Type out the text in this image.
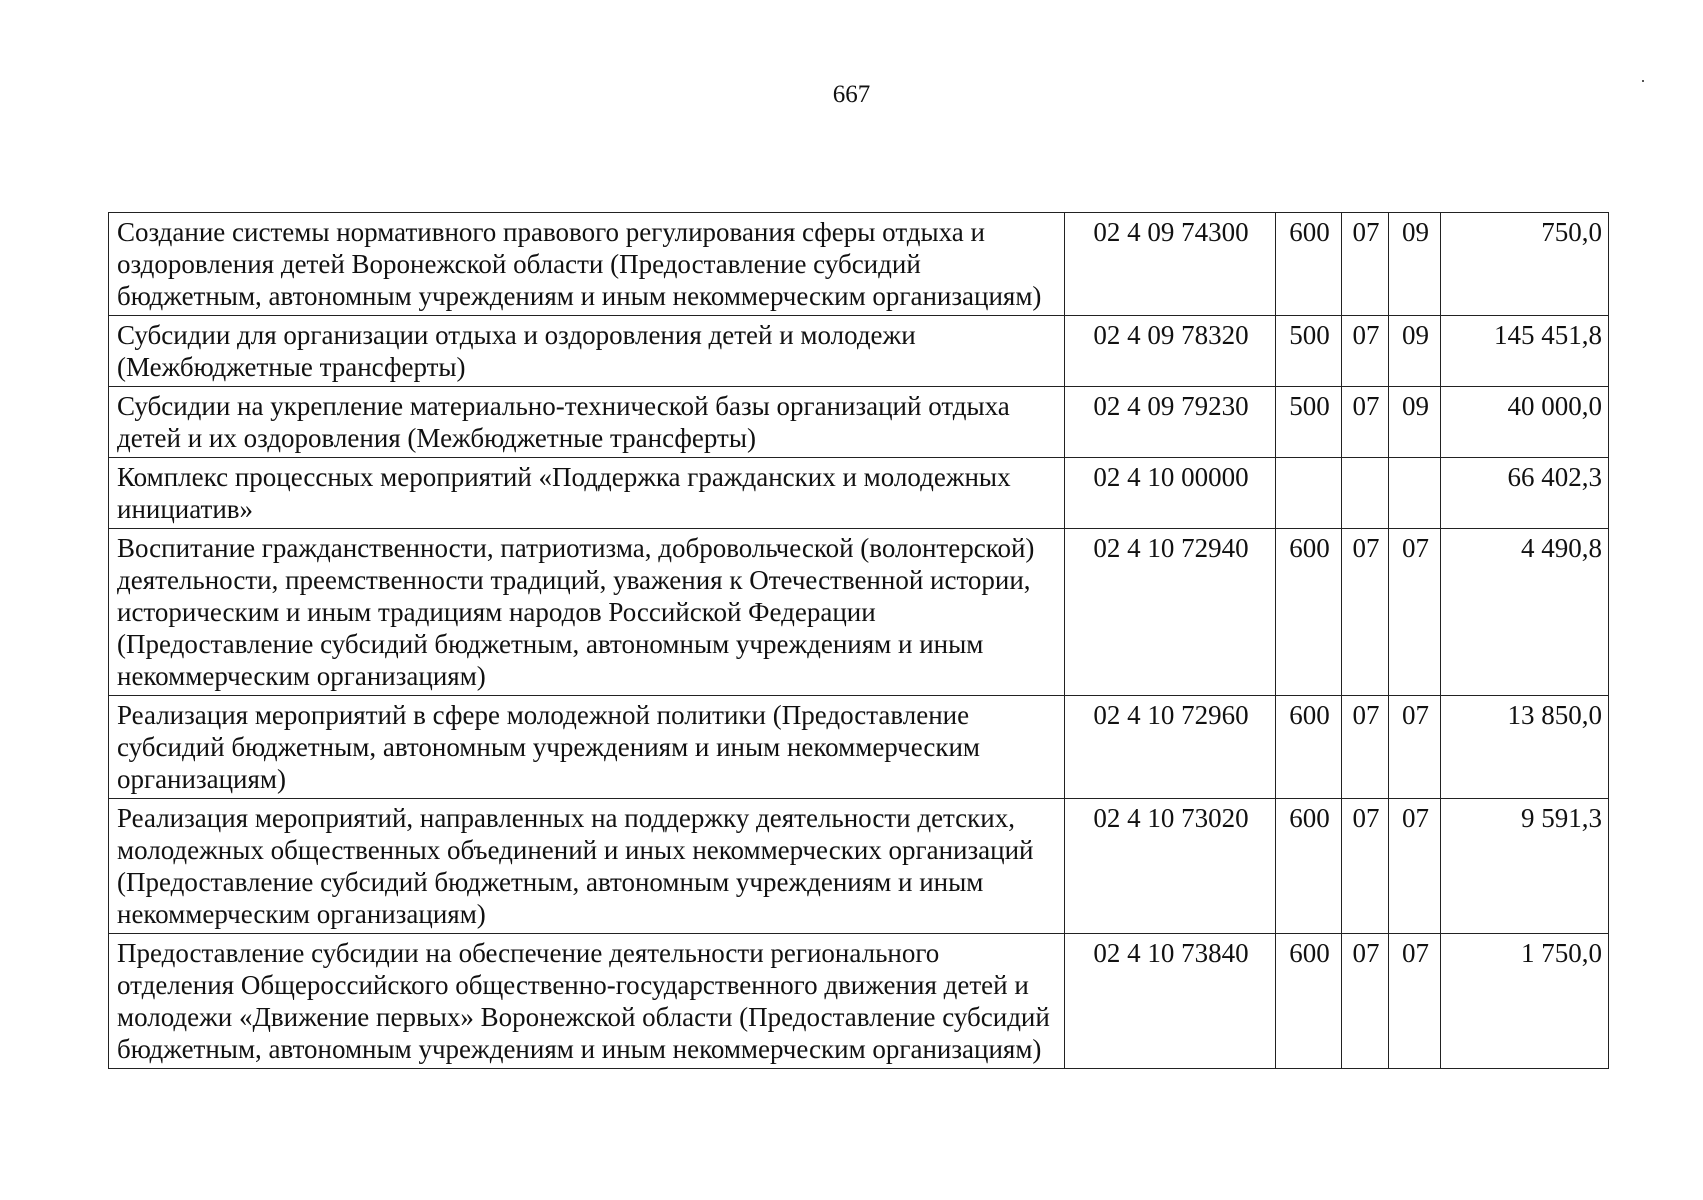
667
Создание системы нормативного правового регулирования сферы отдыха и оздоровления детей Воронежской области (Предоставление субсидий бюджетным, автономным учреждениям и иным некоммерческим организациям)	02 4 09 74300	600	07	09	750,0
Субсидии для организации отдыха и оздоровления детей и молодежи (Межбюджетные трансферты)	02 4 09 78320	500	07	09	145 451,8
Субсидии на укрепление материально-технической базы организаций отдыха детей и их оздоровления (Межбюджетные трансферты)	02 4 09 79230	500	07	09	40 000,0
Комплекс процессных мероприятий «Поддержка гражданских и молодежных инициатив»	02 4 10 00000				66 402,3
Воспитание гражданственности, патриотизма, добровольческой (волонтерской) деятельности, преемственности традиций, уважения к Отечественной истории, историческим и иным традициям народов Российской Федерации (Предоставление субсидий бюджетным, автономным учреждениям и иным некоммерческим организациям)	02 4 10 72940	600	07	07	4 490,8
Реализация мероприятий в сфере молодежной политики (Предоставление субсидий бюджетным, автономным учреждениям и иным некоммерческим организациям)	02 4 10 72960	600	07	07	13 850,0
Реализация мероприятий, направленных на поддержку деятельности детских, молодежных общественных объединений и иных некоммерческих организаций (Предоставление субсидий бюджетным, автономным учреждениям и иным некоммерческим организациям)	02 4 10 73020	600	07	07	9 591,3
Предоставление субсидии на обеспечение деятельности регионального отделения Общероссийского общественно-государственного движения детей и молодежи «Движение первых» Воронежской области (Предоставление субсидий бюджетным, автономным учреждениям и иным некоммерческим организациям)	02 4 10 73840	600	07	07	1 750,0
